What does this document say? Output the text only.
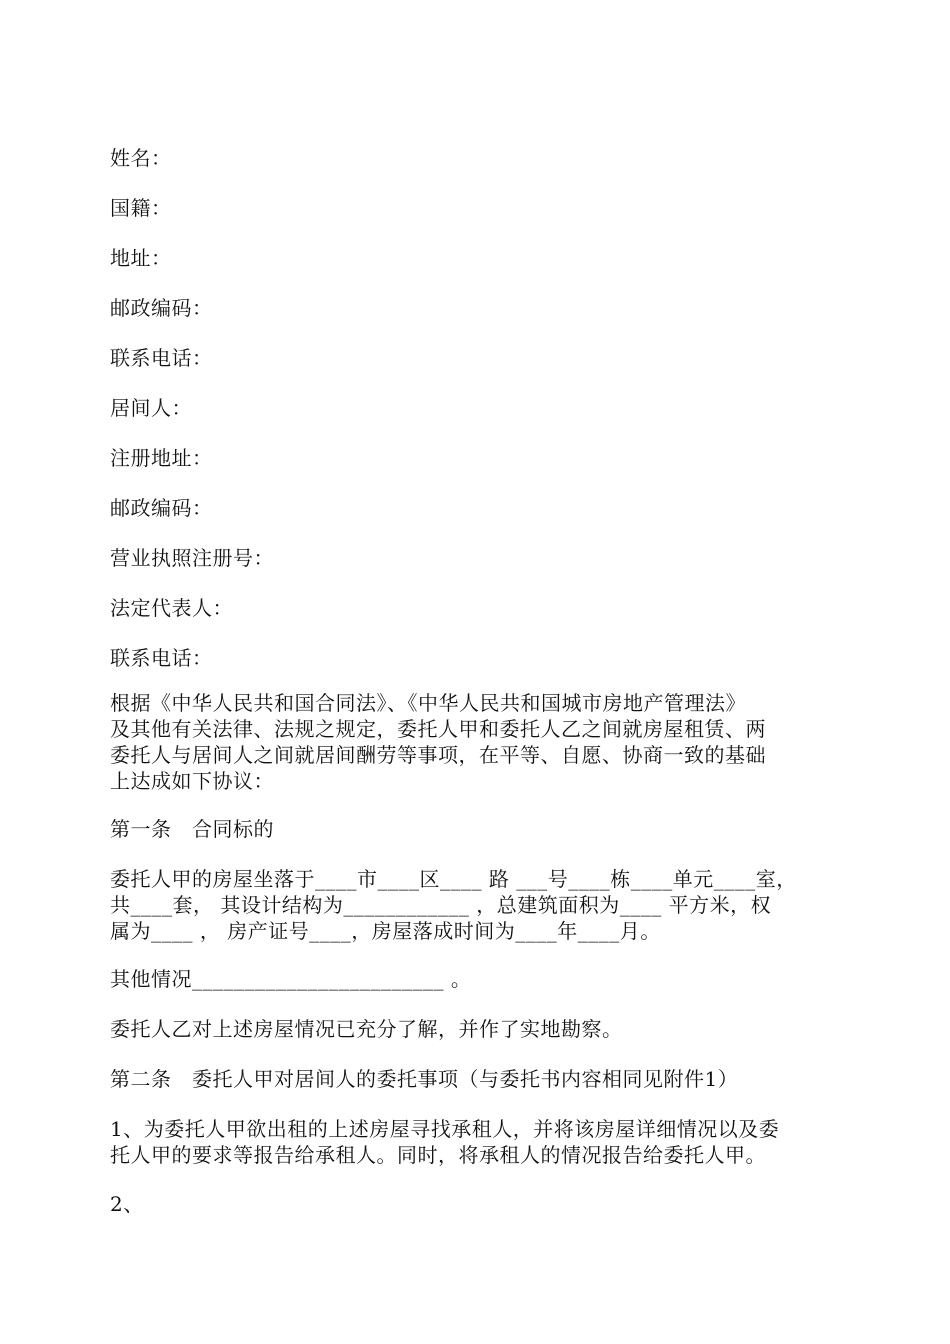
姓名：
国籍：
地址：
邮政编码：
联系电话：
居间人：
注册地址：
邮政编码：
营业执照注册号：
法定代表人：
联系电话：
根据《中华人民共和国合同法》、《中华人民共和国城市房地产管理法》
及其他有关法律、法规之规定，委托人甲和委托人乙之间就房屋租赁、两
委托人与居间人之间就居间酬劳等事项，在平等、自愿、协商一致的基础
上达成如下协议：
第一条　合同标的
委托人甲的房屋坐落于____市____区____ 路 ___号____栋____单元____室，
共____套， 其设计结构为____________ ，总建筑面积为____ 平方米，权
属为____ ， 房产证号____，房屋落成时间为____年____月。
其他情况________________________ 。
委托人乙对上述房屋情况已充分了解，并作了实地勘察。
第二条　委托人甲对居间人的委托事项（与委托书内容相同见附件1）
1、为委托人甲欲出租的上述房屋寻找承租人，并将该房屋详细情况以及委
托人甲的要求等报告给承租人。同时，将承租人的情况报告给委托人甲。
2、
